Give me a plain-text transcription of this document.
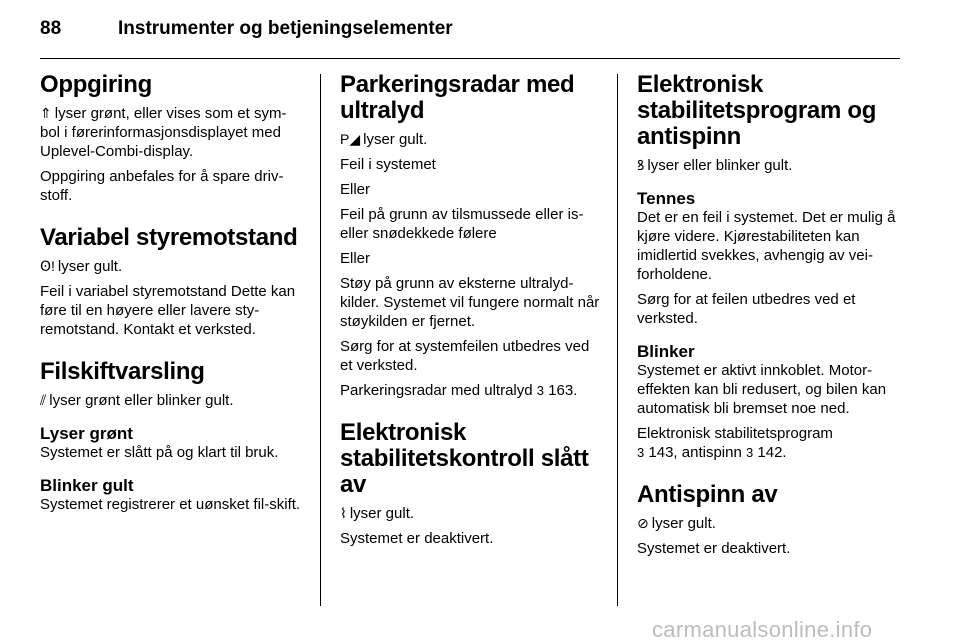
88	Instrumenter og betjeningselementer
Oppgiring

⇑ lyser grønt, eller vises som et sym-bol i førerinformasjonsdisplayet med Uplevel-Combi-display.

Oppgiring anbefales for å spare driv-stoff.

Variabel styremotstand

Ꙩ! lyser gult.

Feil i variabel styremotstand Dette kan føre til en høyere eller lavere sty-remotstand. Kontakt et verksted.

Filskiftvarsling

⫽ lyser grønt eller blinker gult.

Lyser grønt

Systemet er slått på og klart til bruk.

Blinker gult

Systemet registrerer et uønsket fil-skift.

Parkeringsradar med ultralyd

P◢ lyser gult.

Feil i systemet

Eller

Feil på grunn av tilsmussede eller is-eller snødekkede følere

Eller

Støy på grunn av eksterne ultralyd-kilder. Systemet vil fungere normalt når støykilden er fjernet.

Sørg for at systemfeilen utbedres ved et verksted.

Parkeringsradar med ultralyd 3 163.

Elektronisk stabilitetskontroll slått av

⌇ lyser gult.

Systemet er deaktivert.

Elektronisk stabilitetsprogram og antispinn

ꝸ lyser eller blinker gult.

Tennes

Det er en feil i systemet. Det er mulig å kjøre videre. Kjørestabiliteten kan imidlertid svekkes, avhengig av vei-forholdene.

Sørg for at feilen utbedres ved et verksted.

Blinker

Systemet er aktivt innkoblet. Motor-effekten kan bli redusert, og bilen kan automatisk bli bremset noe ned.

Elektronisk stabilitetsprogram
3 143, antispinn 3 142.

Antispinn av

⊘ lyser gult.

Systemet er deaktivert.

carmanualsonline.info
